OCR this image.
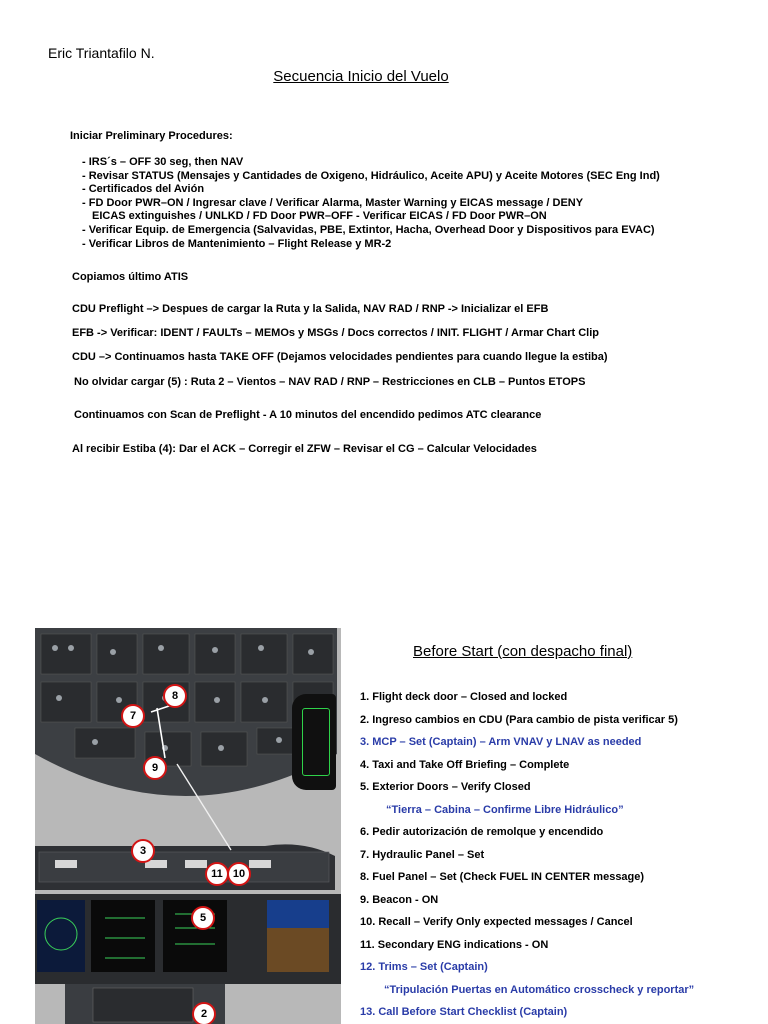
Eric Triantafilo N.
Secuencia Inicio del Vuelo
Iniciar Preliminary Procedures:
- IRS´s – OFF 30 seg, then NAV
- Revisar STATUS (Mensajes y Cantidades de Oxigeno, Hidráulico, Aceite APU) y Aceite Motores (SEC Eng Ind)
- Certificados del Avión
- FD Door PWR–ON / Ingresar clave / Verificar Alarma, Master Warning y EICAS message / DENY
EICAS extinguishes / UNLKD / FD Door PWR–OFF - Verificar EICAS / FD Door PWR–ON
- Verificar Equip. de Emergencia (Salvavidas, PBE, Extintor, Hacha, Overhead Door y Dispositivos para EVAC)
- Verificar Libros de Mantenimiento – Flight Release y MR-2
Copiamos último ATIS
CDU Preflight –> Despues de cargar la Ruta y la Salida, NAV RAD / RNP -> Inicializar el EFB
EFB -> Verificar: IDENT / FAULTs – MEMOs y MSGs / Docs correctos / INIT. FLIGHT / Armar Chart Clip
CDU –> Continuamos hasta TAKE OFF (Dejamos velocidades pendientes para cuando llegue la estiba)
No olvidar cargar (5) : Ruta 2 – Vientos – NAV RAD / RNP – Restricciones en CLB – Puntos ETOPS
Continuamos con Scan de Preflight - A 10 minutos del encendido pedimos ATC clearance
Al recibir Estiba (4): Dar el ACK – Corregir el ZFW – Revisar el CG – Calcular Velocidades
7
8
9
3
11 10
5
2
Before Start (con despacho final)
1. Flight deck door – Closed and locked
2. Ingreso cambios en CDU (Para cambio de pista verificar 5)
3. MCP – Set (Captain) – Arm VNAV y LNAV as needed
4. Taxi and Take Off Briefing – Complete
5. Exterior Doors – Verify Closed
“Tierra – Cabina – Confirme Libre Hidráulico”
6. Pedir autorización de remolque y encendido
7. Hydraulic Panel – Set
8. Fuel Panel – Set (Check FUEL IN CENTER message)
9. Beacon - ON
10. Recall – Verify Only expected messages / Cancel
11. Secondary ENG indications - ON
12. Trims – Set (Captain)
“Tripulación Puertas en Automático crosscheck y reportar”
13. Call Before Start Checklist (Captain)
